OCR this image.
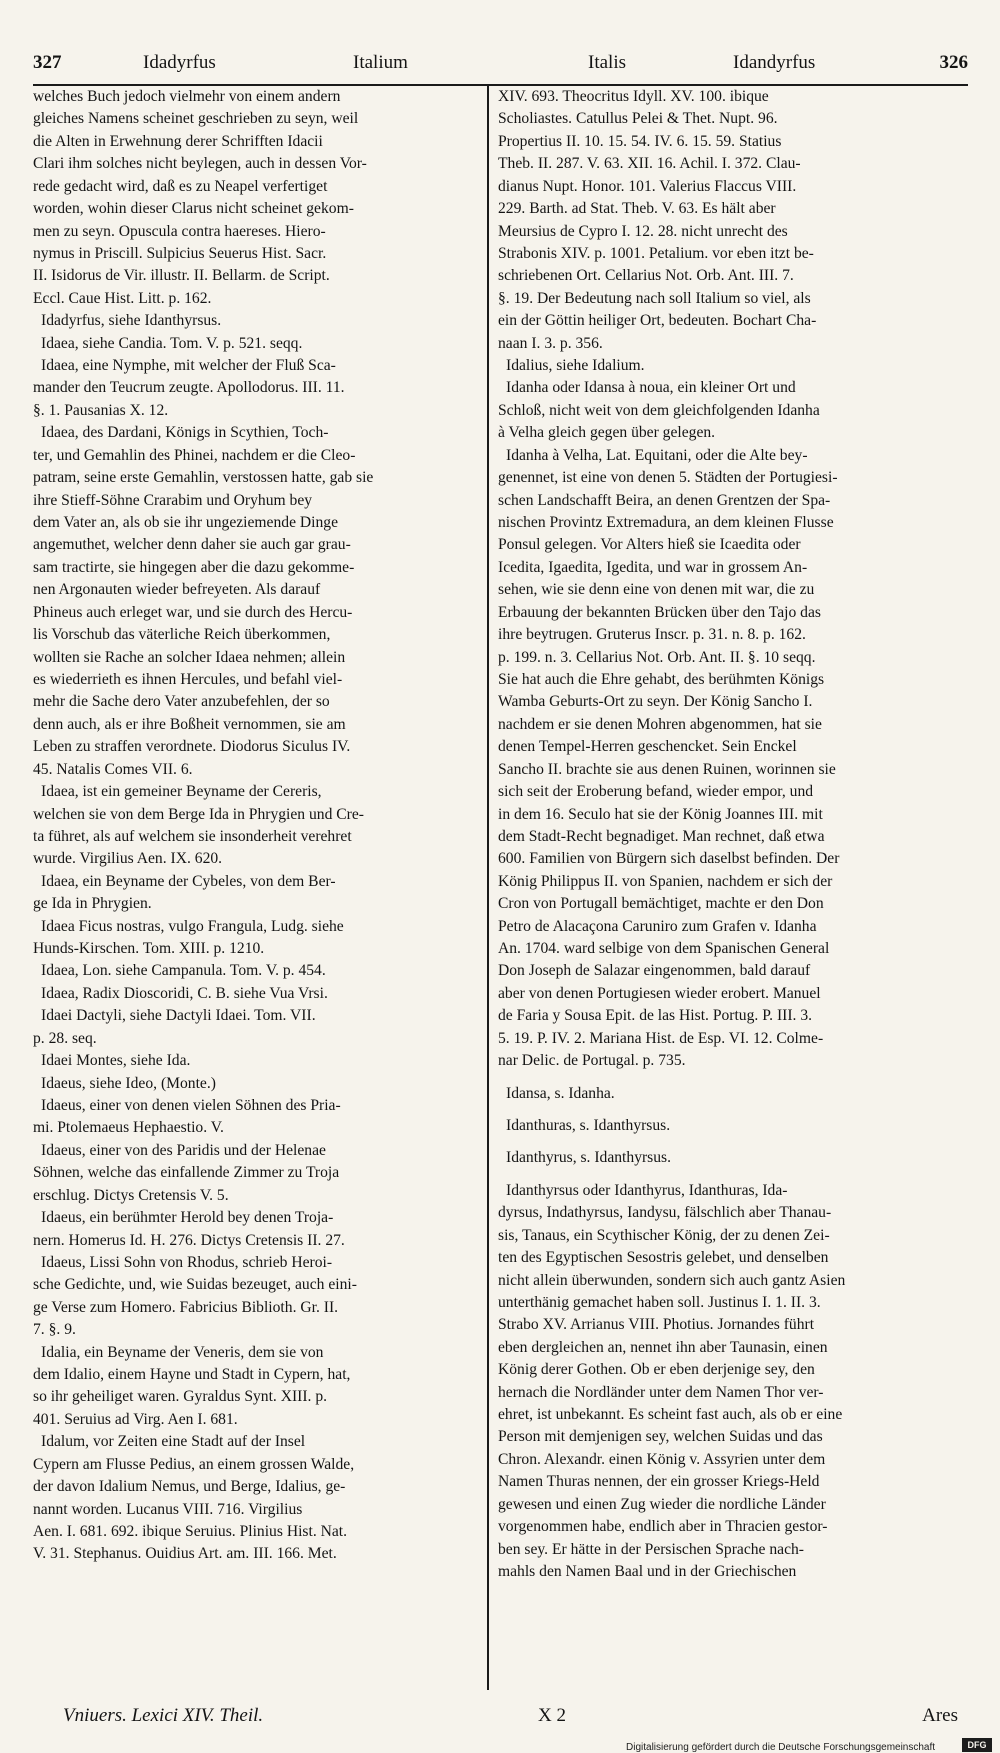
327	Idadyrfus	Italium	Italis	Idandyrfus	326

welches Buch jedoch vielmehr von einem andern

gleiches Namens scheinet geschrieben zu seyn, weil

die Alten in Erwehnung derer Schrifften Idacii

Clari ihm solches nicht beylegen, auch in dessen Vor-

rede gedacht wird, daß es zu Neapel verfertiget

worden, wohin dieser Clarus nicht scheinet gekom-

men zu seyn. Opuscula contra haereses. Hiero-

nymus in Priscill. Sulpicius Seuerus Hist. Sacr.

II. Isidorus de Vir. illustr. II. Bellarm. de Script.

Eccl. Caue Hist. Litt. p. 162.

Idadyrfus, siehe Idanthyrsus.

Idaea, siehe Candia. Tom. V. p. 521. seqq.

Idaea, eine Nymphe, mit welcher der Fluß Sca-

mander den Teucrum zeugte. Apollodorus. III. 11.

§. 1. Pausanias X. 12.

Idaea, des Dardani, Königs in Scythien, Toch-

ter, und Gemahlin des Phinei, nachdem er die Cleo-

patram, seine erste Gemahlin, verstossen hatte, gab sie

ihre Stieff-Söhne Crarabim und Oryhum bey

dem Vater an, als ob sie ihr ungeziemende Dinge

angemuthet, welcher denn daher sie auch gar grau-

sam tractirte, sie hingegen aber die dazu gekomme-

nen Argonauten wieder befreyeten. Als darauf

Phineus auch erleget war, und sie durch des Hercu-

lis Vorschub das väterliche Reich überkommen,

wollten sie Rache an solcher Idaea nehmen; allein

es wiederrieth es ihnen Hercules, und befahl viel-

mehr die Sache dero Vater anzubefehlen, der so

denn auch, als er ihre Boßheit vernommen, sie am

Leben zu straffen verordnete. Diodorus Siculus IV.

45. Natalis Comes VII. 6.

Idaea, ist ein gemeiner Beyname der Cereris,

welchen sie von dem Berge Ida in Phrygien und Cre-

ta führet, als auf welchem sie insonderheit verehret

wurde. Virgilius Aen. IX. 620.

Idaea, ein Beyname der Cybeles, von dem Ber-

ge Ida in Phrygien.

Idaea Ficus nostras, vulgo Frangula, Ludg. siehe

Hunds-Kirschen. Tom. XIII. p. 1210.

Idaea, Lon. siehe Campanula. Tom. V. p. 454.

Idaea, Radix Dioscoridi, C. B. siehe Vua Vrsi.

Idaei Dactyli, siehe Dactyli Idaei. Tom. VII.

p. 28. seq.

Idaei Montes, siehe Ida.

Idaeus, siehe Ideo, (Monte.)

Idaeus, einer von denen vielen Söhnen des Pria-

mi. Ptolemaeus Hephaestio. V.

Idaeus, einer von des Paridis und der Helenae

Söhnen, welche das einfallende Zimmer zu Troja

erschlug. Dictys Cretensis V. 5.

Idaeus, ein berühmter Herold bey denen Troja-

nern. Homerus Id. H. 276. Dictys Cretensis II. 27.

Idaeus, Lissi Sohn von Rhodus, schrieb Heroi-

sche Gedichte, und, wie Suidas bezeuget, auch eini-

ge Verse zum Homero. Fabricius Biblioth. Gr. II.

7. §. 9.

Idalia, ein Beyname der Veneris, dem sie von

dem Idalio, einem Hayne und Stadt in Cypern, hat,

so ihr geheiliget waren. Gyraldus Synt. XIII. p.

401. Seruius ad Virg. Aen I. 681.

Idalum, vor Zeiten eine Stadt auf der Insel

Cypern am Flusse Pedius, an einem grossen Walde,

der davon Idalium Nemus, und Berge, Idalius, ge-

nannt worden. Lucanus VIII. 716. Virgilius

Aen. I. 681. 692. ibique Seruius. Plinius Hist. Nat.

V. 31. Stephanus. Ouidius Art. am. III. 166. Met.

XIV. 693. Theocritus Idyll. XV. 100. ibique

Scholiastes. Catullus Pelei & Thet. Nupt. 96.

Propertius II. 10. 15. 54. IV. 6. 15. 59. Statius

Theb. II. 287. V. 63. XII. 16. Achil. I. 372. Clau-

dianus Nupt. Honor. 101. Valerius Flaccus VIII.

229. Barth. ad Stat. Theb. V. 63. Es hält aber

Meursius de Cypro I. 12. 28. nicht unrecht des

Strabonis XIV. p. 1001. Petalium. vor eben itzt be-

schriebenen Ort. Cellarius Not. Orb. Ant. III. 7.

§. 19. Der Bedeutung nach soll Italium so viel, als

ein der Göttin heiliger Ort, bedeuten. Bochart Cha-

naan I. 3. p. 356.

Idalius, siehe Idalium.

Idanha oder Idansa à noua, ein kleiner Ort und

Schloß, nicht weit von dem gleichfolgenden Idanha

à Velha gleich gegen über gelegen.

Idanha à Velha, Lat. Equitani, oder die Alte bey-

genennet, ist eine von denen 5. Städten der Portugiesi-

schen Landschafft Beira, an denen Grentzen der Spa-

nischen Provintz Extremadura, an dem kleinen Flusse

Ponsul gelegen. Vor Alters hieß sie Icaedita oder

Icedita, Igaedita, Igedita, und war in grossem An-

sehen, wie sie denn eine von denen mit war, die zu

Erbauung der bekannten Brücken über den Tajo das

ihre beytrugen. Gruterus Inscr. p. 31. n. 8. p. 162.

p. 199. n. 3. Cellarius Not. Orb. Ant. II. §. 10 seqq.

Sie hat auch die Ehre gehabt, des berühmten Königs

Wamba Geburts-Ort zu seyn. Der König Sancho I.

nachdem er sie denen Mohren abgenommen, hat sie

denen Tempel-Herren geschencket. Sein Enckel

Sancho II. brachte sie aus denen Ruinen, worinnen sie

sich seit der Eroberung befand, wieder empor, und

in dem 16. Seculo hat sie der König Joannes III. mit

dem Stadt-Recht begnadiget. Man rechnet, daß etwa

600. Familien von Bürgern sich daselbst befinden. Der

König Philippus II. von Spanien, nachdem er sich der

Cron von Portugall bemächtiget, machte er den Don

Petro de Alacaçona Caruniro zum Grafen v. Idanha

An. 1704. ward selbige von dem Spanischen General

Don Joseph de Salazar eingenommen, bald darauf

aber von denen Portugiesen wieder erobert. Manuel

de Faria y Sousa Epit. de las Hist. Portug. P. III. 3.

5. 19. P. IV. 2. Mariana Hist. de Esp. VI. 12. Colme-

nar Delic. de Portugal. p. 735.

Idansa, s. Idanha.

Idanthuras, s. Idanthyrsus.

Idanthyrus, s. Idanthyrsus.

Idanthyrsus oder Idanthyrus, Idanthuras, Ida-

dyrsus, Indathyrsus, Iandysu, fälschlich aber Thanau-

sis, Tanaus, ein Scythischer König, der zu denen Zei-

ten des Egyptischen Sesostris gelebet, und denselben

nicht allein überwunden, sondern sich auch gantz Asien

unterthänig gemachet haben soll. Justinus I. 1. II. 3.

Strabo XV. Arrianus VIII. Photius. Jornandes führt

eben dergleichen an, nennet ihn aber Taunasin, einen

König derer Gothen. Ob er eben derjenige sey, den

hernach die Nordländer unter dem Namen Thor ver-

ehret, ist unbekannt. Es scheint fast auch, als ob er eine

Person mit demjenigen sey, welchen Suidas und das

Chron. Alexandr. einen König v. Assyrien unter dem

Namen Thuras nennen, der ein grosser Kriegs-Held

gewesen und einen Zug wieder die nordliche Länder

vorgenommen habe, endlich aber in Thracien gestor-

ben sey. Er hätte in der Persischen Sprache nach-

mahls den Namen Baal und in der Griechischen

Vniuers. Lexici XIV. Theil.	X 2	Ares
Digitalisierung gefördert durch die Deutsche Forschungsgemeinschaft	DFG
